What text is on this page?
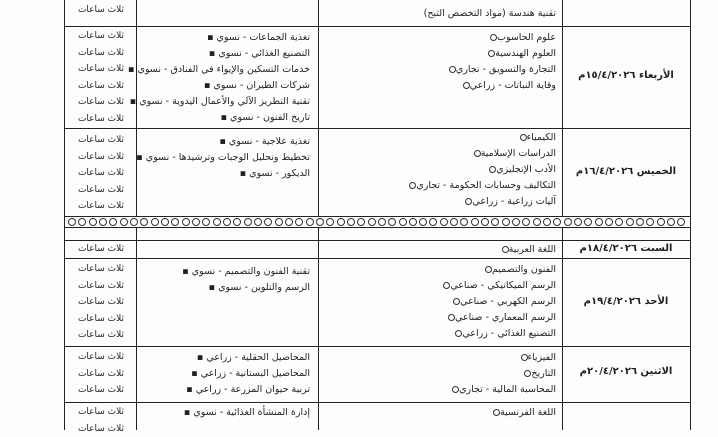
ثلاث ساعات	تقنية هندسة (مواد التخصص الثبح)
الأربعاء ١٥/٤/٢٠٢٦م
علوم الحاسوب
العلوم الهندسية
التجارة والتسويق - تجاري
وقاية النباتات - زراعي
تغذية الجماعات - نسوي ▪
التصنيع الغذائي - نسوي ▪
خدمات التسكين والإيواء في الفنادق - نسوي ▪
شركات الطيران - نسوي ▪
تقنية التطريز الآلي والأعمال اليدوية - نسوي ▪
تاريخ الفنون - نسوي ▪
ثلاث ساعات
ثلاث ساعات
ثلاث ساعات
ثلاث ساعات
ثلاث ساعات
ثلاث ساعات
الخميس ١٦/٤/٢٠٢٦م
الكيمياء
الدراسات الإسلامية
الأدب الإنجليزي
التكاليف وحسابات الحكومة - تجاري
آليات زراعية - زراعي
تغذية علاجية - نسوي ▪
تخطيط وتحليل الوجبات وترشيدها - نسوي ▪
الديكور - نسوي ▪
ثلاث ساعات
ثلاث ساعات
ثلاث ساعات
ثلاث ساعات
ثلاث ساعات
السبت ١٨/٤/٢٠٢٦م
اللغة العربية
ثلاث ساعات
الأحد ١٩/٤/٢٠٢٦م
الفنون والتصميم
الرسم الميكانيكي - صناعي
الرسم الكهربي - صناعي
الرسم المعماري - صناعي
التصنيع الغذائي - زراعي
تقنية الفنون والتصميم - نسوي ▪
الرسم والتلوين - نسوي ▪
ثلاث ساعات
ثلاث ساعات
ثلاث ساعات
ثلاث ساعات
ثلاث ساعات
الاثنين ٢٠/٤/٢٠٢٦م
الفيزياء
التاريخ
المحاسبة المالية - تجاري
المحاصيل الحقلية - زراعي ▪
المحاصيل البستانية - زراعي ▪
تربية حيوان المزرعة - زراعي ▪
ثلاث ساعات
ثلاث ساعات
ثلاث ساعات
اللغة الفرنسية
إدارة المنشأة الغذائية - نسوي ▪
ثلاث ساعات
ثلاث ساعات
